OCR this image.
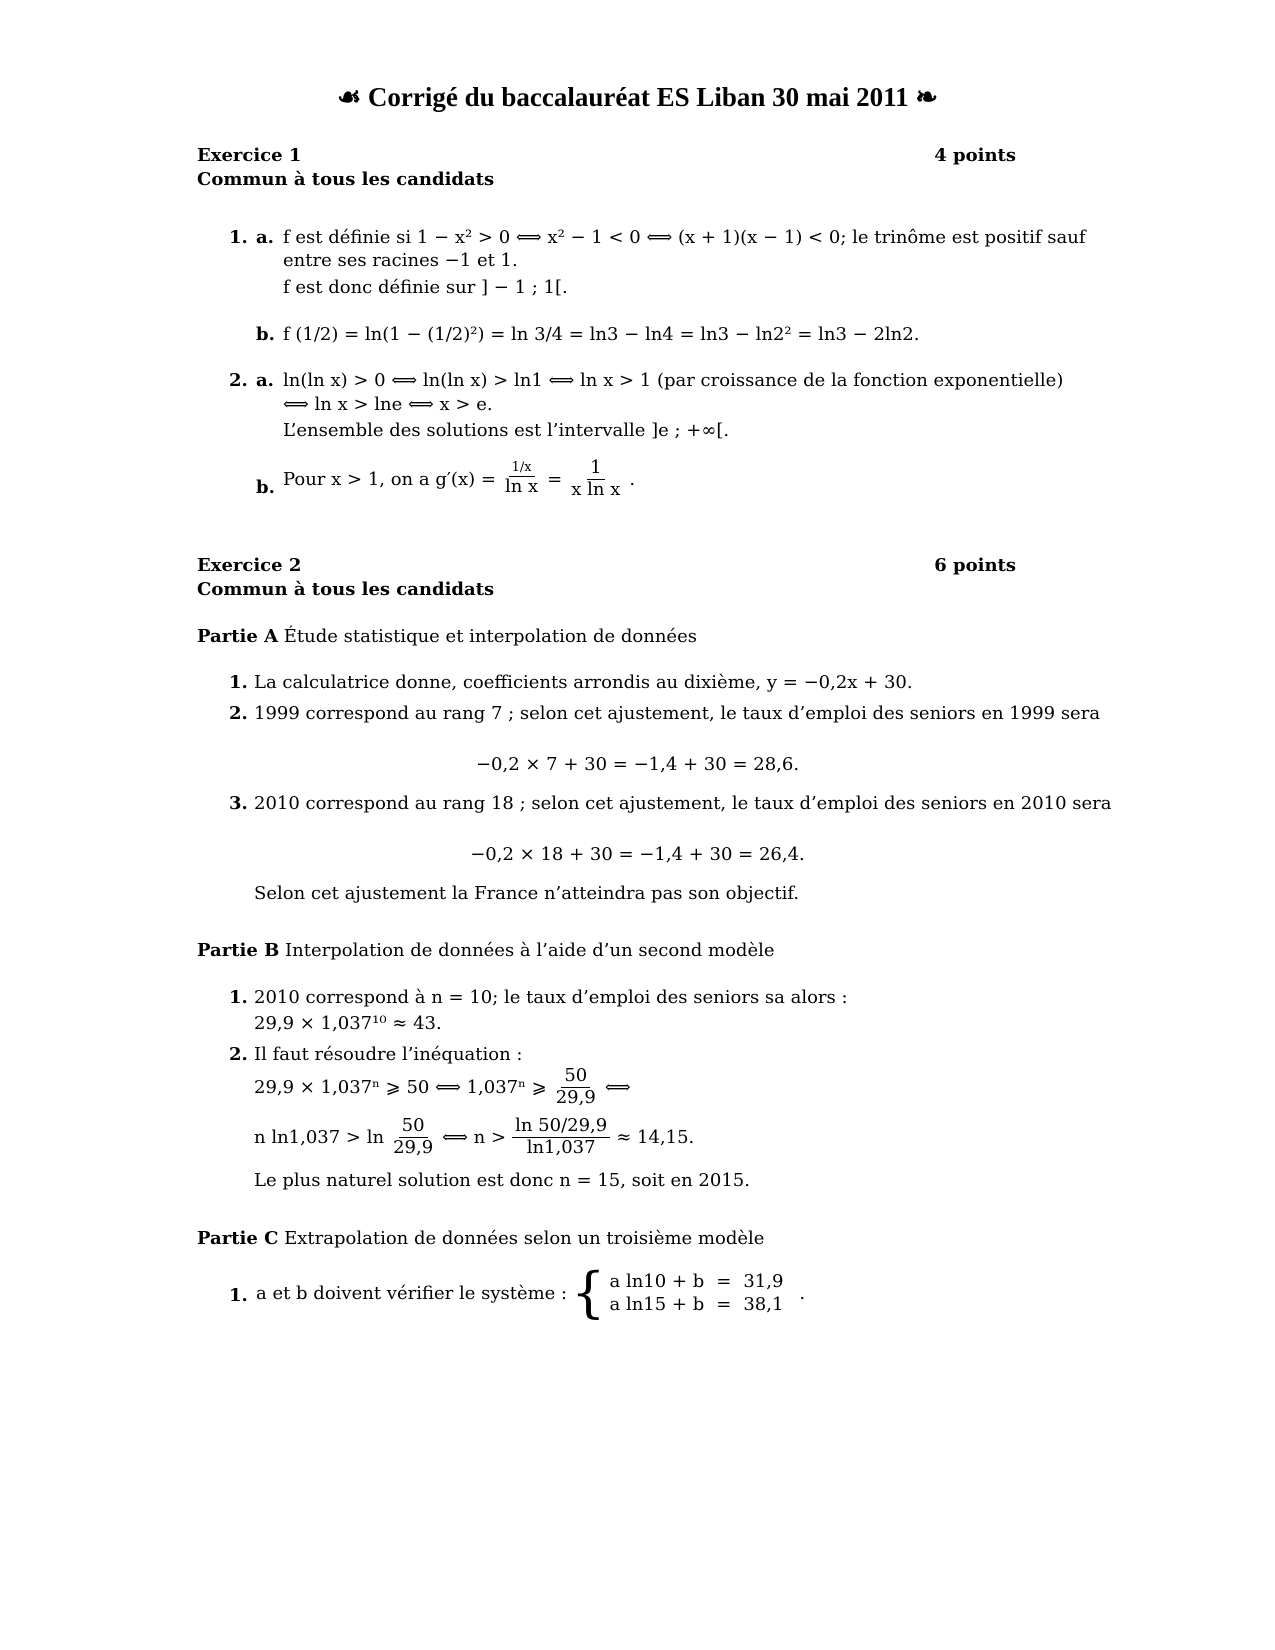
☙ Corrigé du baccalauréat ES Liban 30 mai 2011 ❧
Exercice 1	4 points
Commun à tous les candidats
1. a. f est définie si 1 − x² > 0 ⟺ x² − 1 < 0 ⟺ (x + 1)(x − 1) < 0; le trinôme est positif sauf
entre ses racines −1 et 1.
f est donc définie sur ] − 1 ; 1[.
b. f (1/2) = ln(1 − (1/2)²) = ln 3/4 = ln3 − ln4 = ln3 − ln2² = ln3 − 2ln2.
2. a. ln(ln x) > 0 ⟺ ln(ln x) > ln1 ⟺ ln x > 1 (par croissance de la fonction exponentielle)
⟺ ln x > lne ⟺ x > e.
L’ensemble des solutions est l’intervalle ]e ; +∞[.
b. Pour x > 1, on a $g'(x) = \frac{1/x}{\text{ln x}} = \frac{1}{\text{x ln x}}$ .
Exercice 2	6 points
Commun à tous les candidats
Partie A Étude statistique et interpolation de données
1. La calculatrice donne, coefficients arrondis au dixième, y = −0,2x + 30.
2. 1999 correspond au rang 7 ; selon cet ajustement, le taux d’emploi des seniors en 1999 sera
−0,2 × 7 + 30 = −1,4 + 30 = 28,6.
3. 2010 correspond au rang 18 ; selon cet ajustement, le taux d’emploi des seniors en 2010 sera
−0,2 × 18 + 30 = −1,4 + 30 = 26,4.
Selon cet ajustement la France n’atteindra pas son objectif.
Partie B Interpolation de données à l’aide d’un second modèle
1. 2010 correspond à n = 10; le taux d’emploi des seniors sa alors :
29,9 × 1,037¹⁰ ≈ 43.
2. Il faut résoudre l’inéquation :
29,9 × 1,037ⁿ ⩾ 50 ⟺ 1,037ⁿ ⩾ $\frac{50}{29,9}$ ⟺
n $\ln 1,037 > \ln \frac{50}{29,9}$ ⟺ $n > \frac{\ln 50/29,9}{\ln 1,037} \approx 14,15$.
Le plus naturel solution est donc n = 15, soit en 2015.
Partie C Extrapolation de données selon un troisième modèle
1. a et b doivent vérifier le système : { a ln10 + b	=	31,9
a ln15 + b	=	38,1
.
